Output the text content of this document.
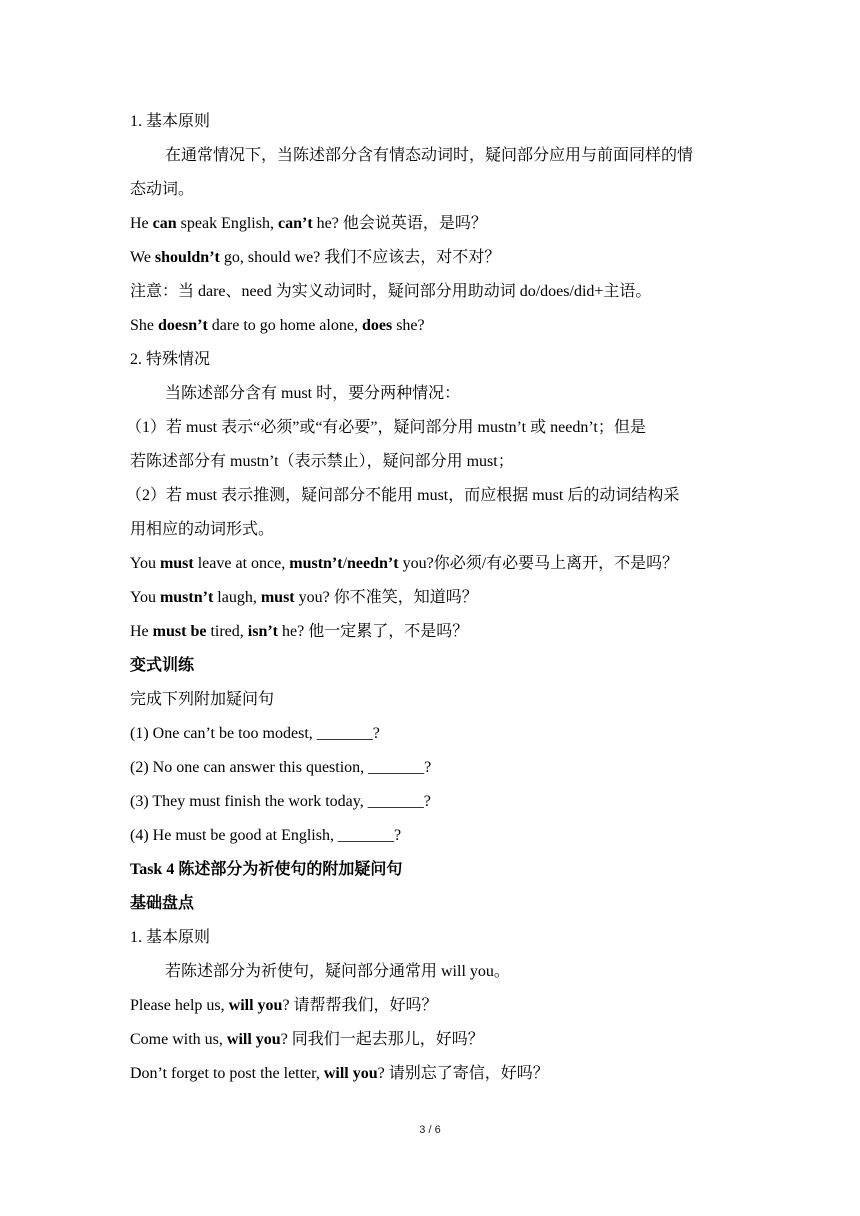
1. 基本原则
在通常情况下，当陈述部分含有情态动词时，疑问部分应用与前面同样的情
态动词。
He can speak English, can’t he? 他会说英语，是吗？
We shouldn’t go, should we? 我们不应该去，对不对？
注意：当 dare、need 为实义动词时，疑问部分用助动词 do/does/did+主语。
She doesn’t dare to go home alone, does she?
2. 特殊情况
当陈述部分含有 must 时，要分两种情况：
（1）若 must 表示“必须”或“有必要”，疑问部分用 mustn’t 或 needn’t；但是
若陈述部分有 mustn’t（表示禁止），疑问部分用 must；
（2）若 must 表示推测，疑问部分不能用 must，而应根据 must 后的动词结构采
用相应的动词形式。
You must leave at once, mustn’t/needn’t you?你必须/有必要马上离开，不是吗？
You mustn’t laugh, must you? 你不准笑，知道吗？
He must be tired, isn’t he? 他一定累了，不是吗？
变式训练
完成下列附加疑问句
(1) One can’t be too modest, _______?
(2) No one can answer this question, _______?
(3) They must finish the work today, _______?
(4) He must be good at English, _______?
Task 4 陈述部分为祈使句的附加疑问句
基础盘点
1. 基本原则
若陈述部分为祈使句，疑问部分通常用 will you。
Please help us, will you? 请帮帮我们，好吗？
Come with us, will you? 同我们一起去那儿，好吗？
Don’t forget to post the letter, will you? 请别忘了寄信，好吗？
3 / 6
